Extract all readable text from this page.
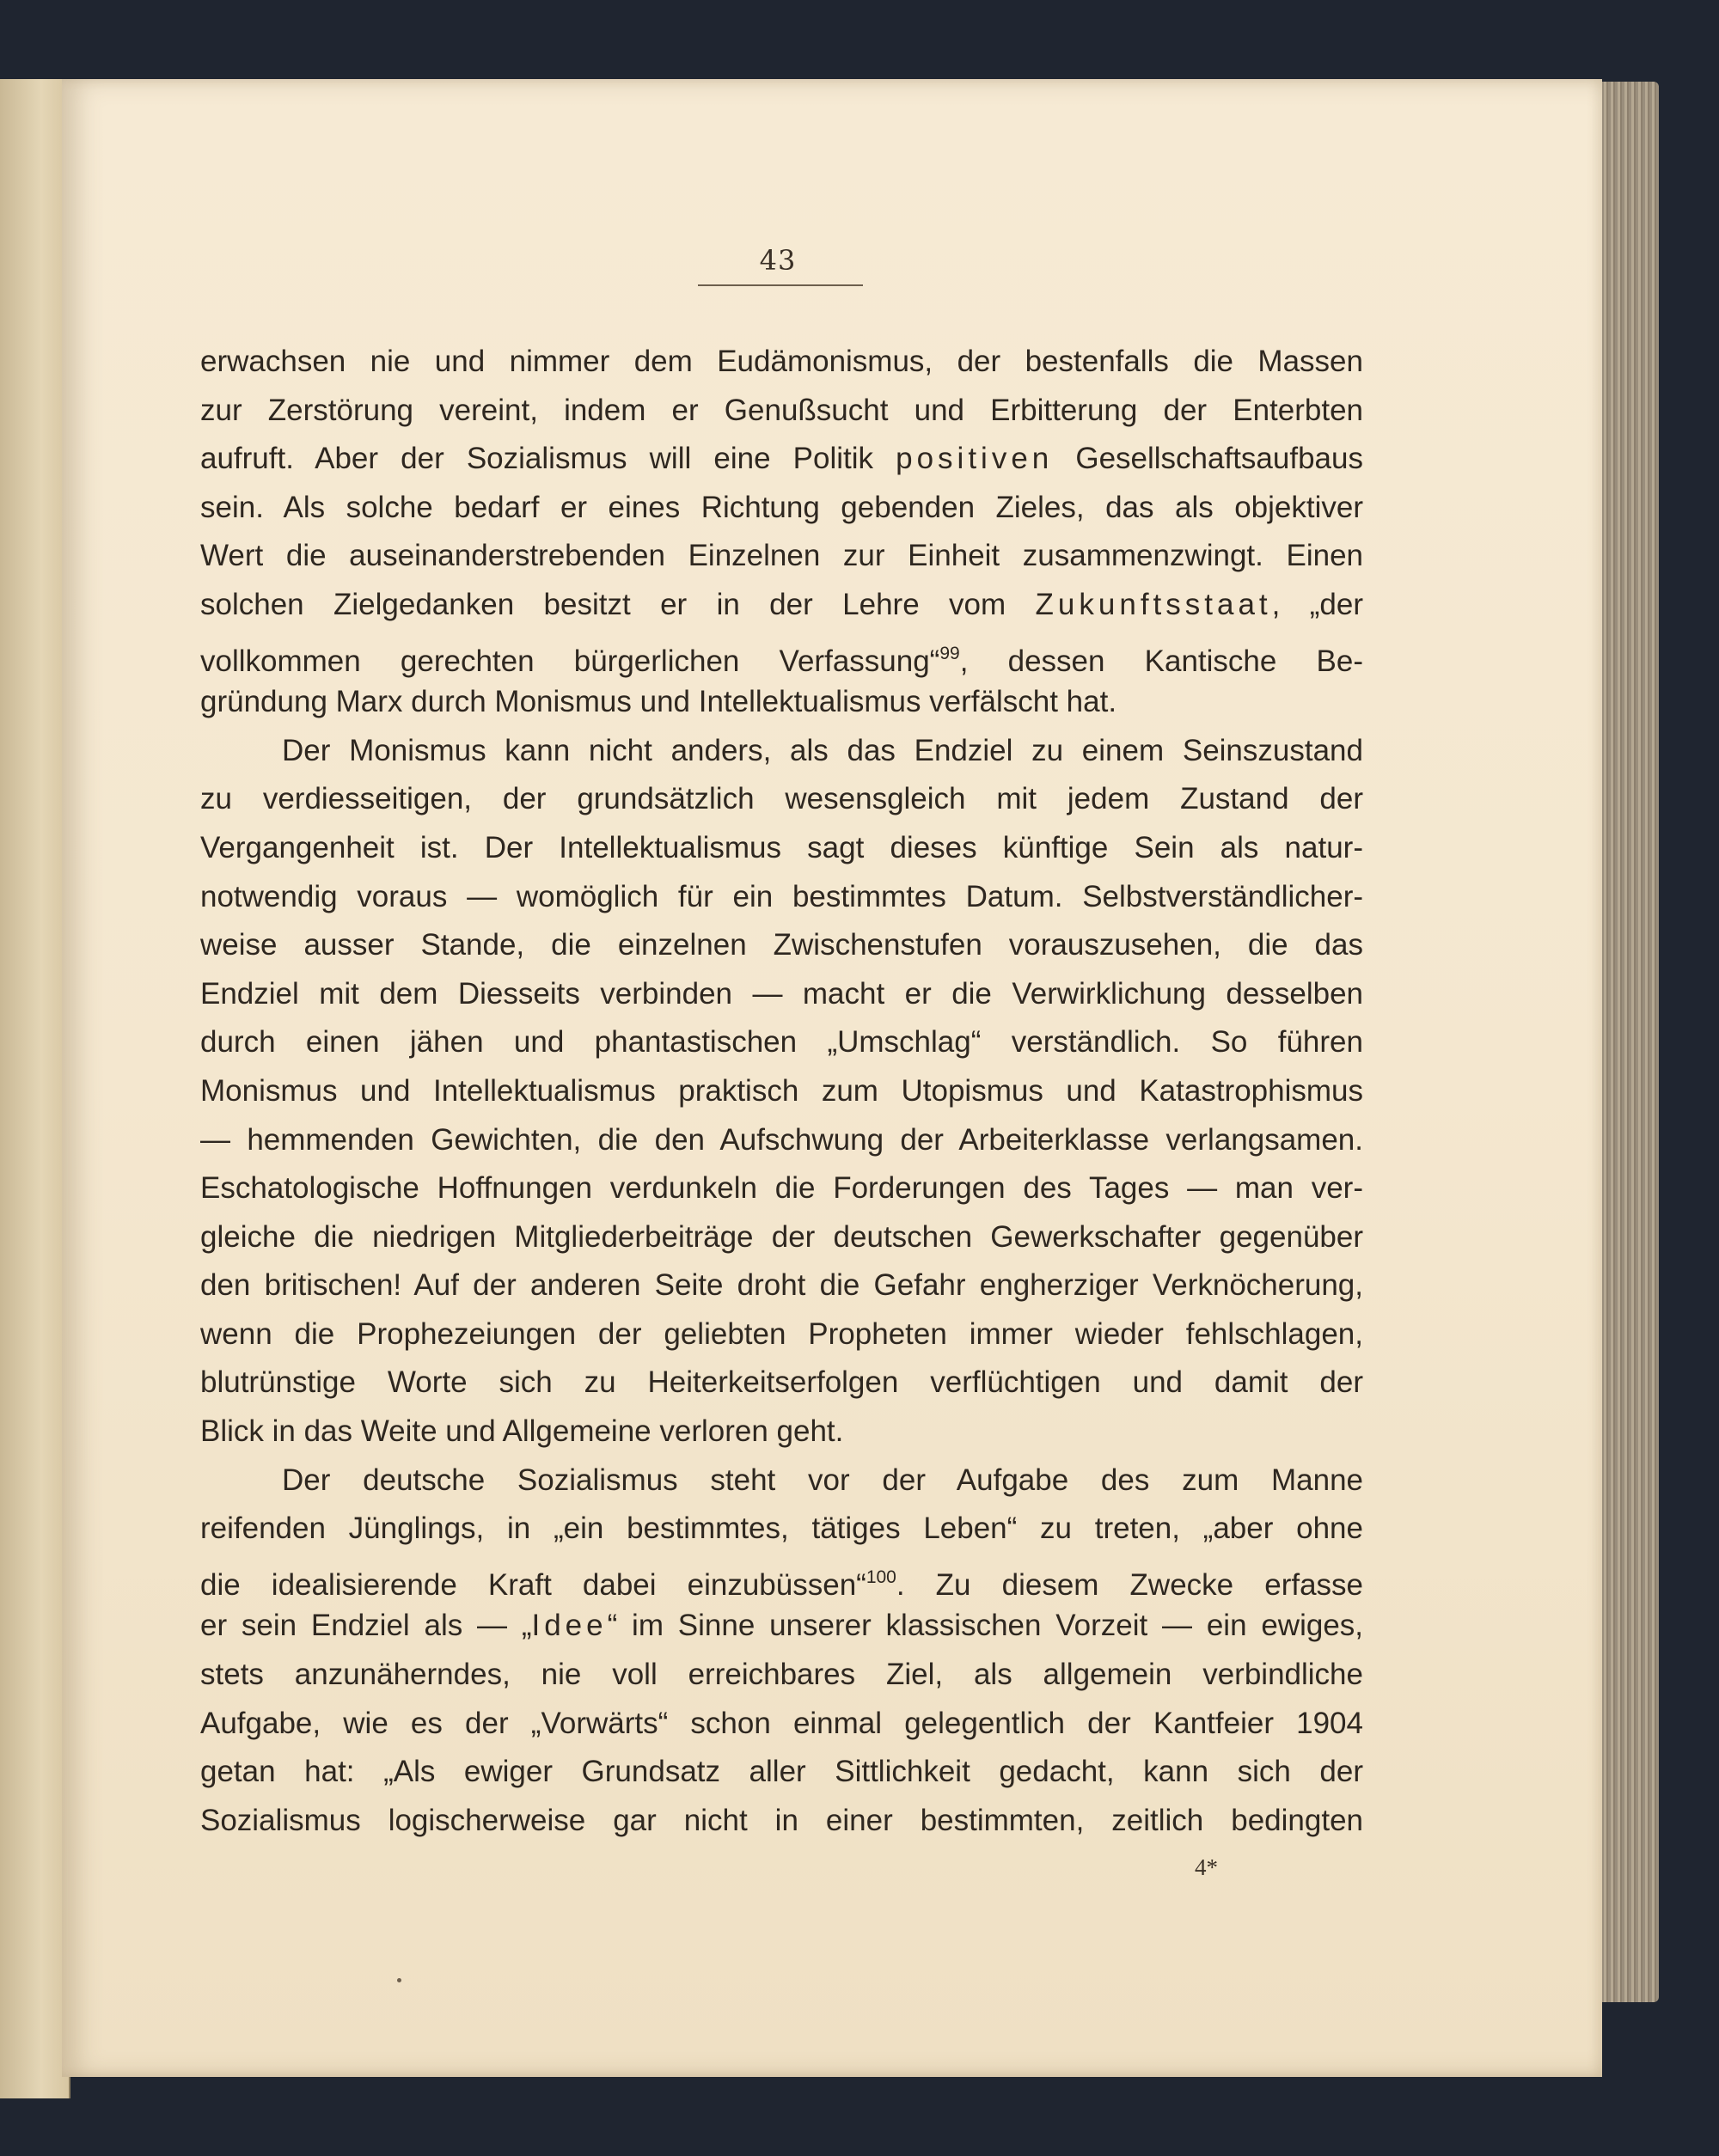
43
erwachsen nie und nimmer dem Eudämonismus, der bestenfalls die Massen
zur Zerstörung vereint, indem er Genußsucht und Erbitterung der Enterbten
aufruft. Aber der Sozialismus will eine Politik positiven Gesellschaftsaufbaus
sein. Als solche bedarf er eines Richtung gebenden Zieles, das als objektiver
Wert die auseinanderstrebenden Einzelnen zur Einheit zusammenzwingt. Einen
solchen Zielgedanken besitzt er in der Lehre vom Zukunftsstaat, „der
vollkommen gerechten bürgerlichen Verfassung“$^{99}$, dessen Kantische Be-
gründung Marx durch Monismus und Intellektualismus verfälscht hat.
Der Monismus kann nicht anders, als das Endziel zu einem Seinszustand
zu verdiesseitigen, der grundsätzlich wesensgleich mit jedem Zustand der
Vergangenheit ist. Der Intellektualismus sagt dieses künftige Sein als natur-
notwendig voraus — womöglich für ein bestimmtes Datum. Selbstverständlicher-
weise ausser Stande, die einzelnen Zwischenstufen vorauszusehen, die das
Endziel mit dem Diesseits verbinden — macht er die Verwirklichung desselben
durch einen jähen und phantastischen „Umschlag“ verständlich. So führen
Monismus und Intellektualismus praktisch zum Utopismus und Katastrophismus
— hemmenden Gewichten, die den Aufschwung der Arbeiterklasse verlangsamen.
Eschatologische Hoffnungen verdunkeln die Forderungen des Tages — man ver-
gleiche die niedrigen Mitgliederbeiträge der deutschen Gewerkschafter gegenüber
den britischen! Auf der anderen Seite droht die Gefahr engherziger Verknöcherung,
wenn die Prophezeiungen der geliebten Propheten immer wieder fehlschlagen,
blutrünstige Worte sich zu Heiterkeitserfolgen verflüchtigen und damit der
Blick in das Weite und Allgemeine verloren geht.
Der deutsche Sozialismus steht vor der Aufgabe des zum Manne
reifenden Jünglings, in „ein bestimmtes, tätiges Leben“ zu treten, „aber ohne
die idealisierende Kraft dabei einzubüssen“$^{100}$. Zu diesem Zwecke erfasse
er sein Endziel als — „Idee“ im Sinne unserer klassischen Vorzeit — ein ewiges,
stets anzunäherndes, nie voll erreichbares Ziel, als allgemein verbindliche
Aufgabe, wie es der „Vorwärts“ schon einmal gelegentlich der Kantfeier 1904
getan hat: „Als ewiger Grundsatz aller Sittlichkeit gedacht, kann sich der
Sozialismus logischerweise gar nicht in einer bestimmten, zeitlich bedingten
4*
